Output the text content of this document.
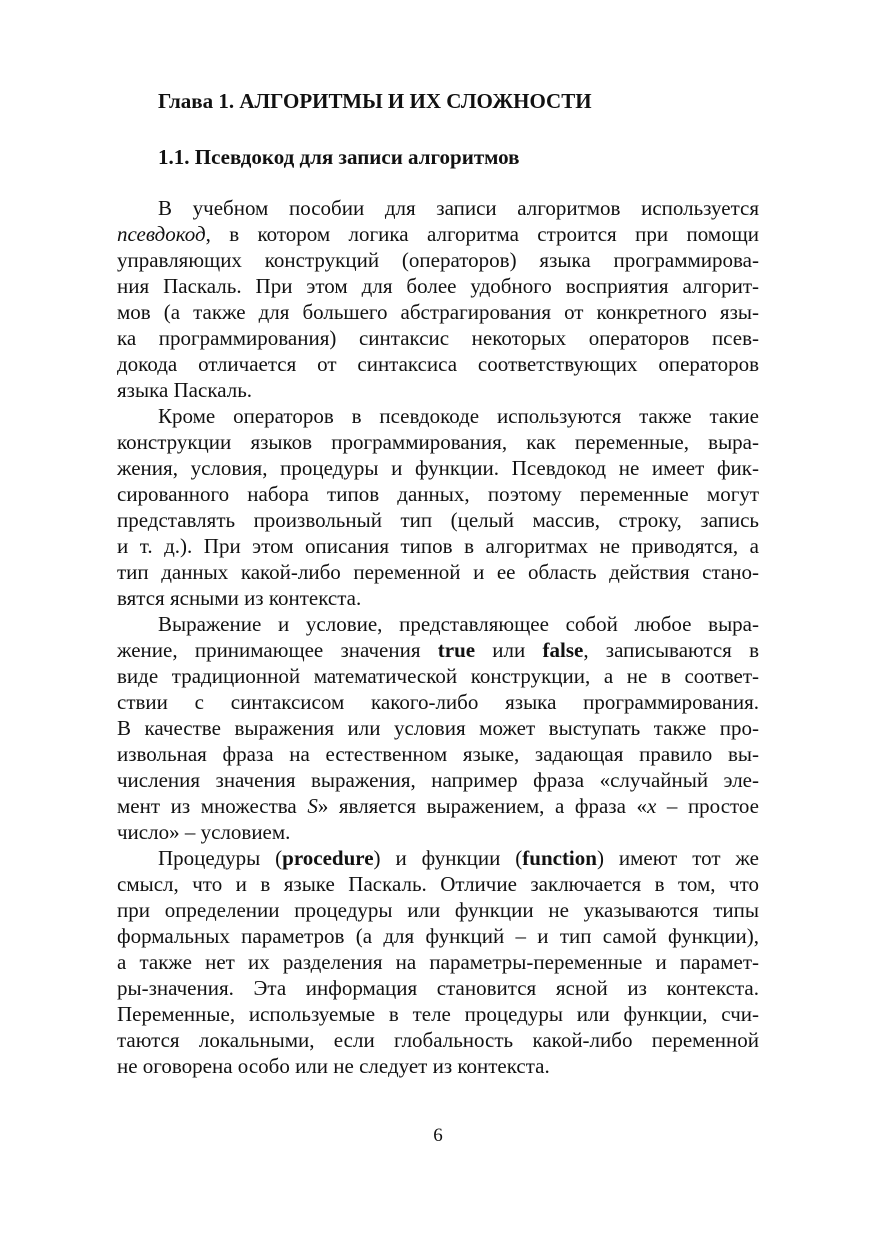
Глава 1. АЛГОРИТМЫ И ИХ СЛОЖНОСТИ
1.1. Псевдокод для записи алгоритмов

В учебном пособии для записи алгоритмов используется
псевдокод, в котором логика алгоритма строится при помощи
управляющих конструкций (операторов) языка программирова-
ния Паскаль. При этом для более удобного восприятия алгорит-
мов (а также для большего абстрагирования от конкретного язы-
ка программирования) синтаксис некоторых операторов псев-
докода отличается от синтаксиса соответствующих операторов
языка Паскаль.

Кроме операторов в псевдокоде используются также такие
конструкции языков программирования, как переменные, выра-
жения, условия, процедуры и функции. Псевдокод не имеет фик-
сированного набора типов данных, поэтому переменные могут
представлять произвольный тип (целый массив, строку, запись
и т. д.). При этом описания типов в алгоритмах не приводятся, а
тип данных какой-либо переменной и ее область действия стано-
вятся ясными из контекста.

Выражение и условие, представляющее собой любое выра-
жение, принимающее значения true или false, записываются в
виде традиционной математической конструкции, а не в соответ-
ствии с синтаксисом какого-либо языка программирования.
В качестве выражения или условия может выступать также про-
извольная фраза на естественном языке, задающая правило вы-
числения значения выражения, например фраза «случайный эле-
мент из множества S» является выражением, а фраза «x – простое
число» – условием.

Процедуры (procedure) и функции (function) имеют тот же
смысл, что и в языке Паскаль. Отличие заключается в том, что
при определении процедуры или функции не указываются типы
формальных параметров (а для функций – и тип самой функции),
а также нет их разделения на параметры-переменные и парамет-
ры-значения. Эта информация становится ясной из контекста.
Переменные, используемые в теле процедуры или функции, счи-
таются локальными, если глобальность какой-либо переменной
не оговорена особо или не следует из контекста.

6
